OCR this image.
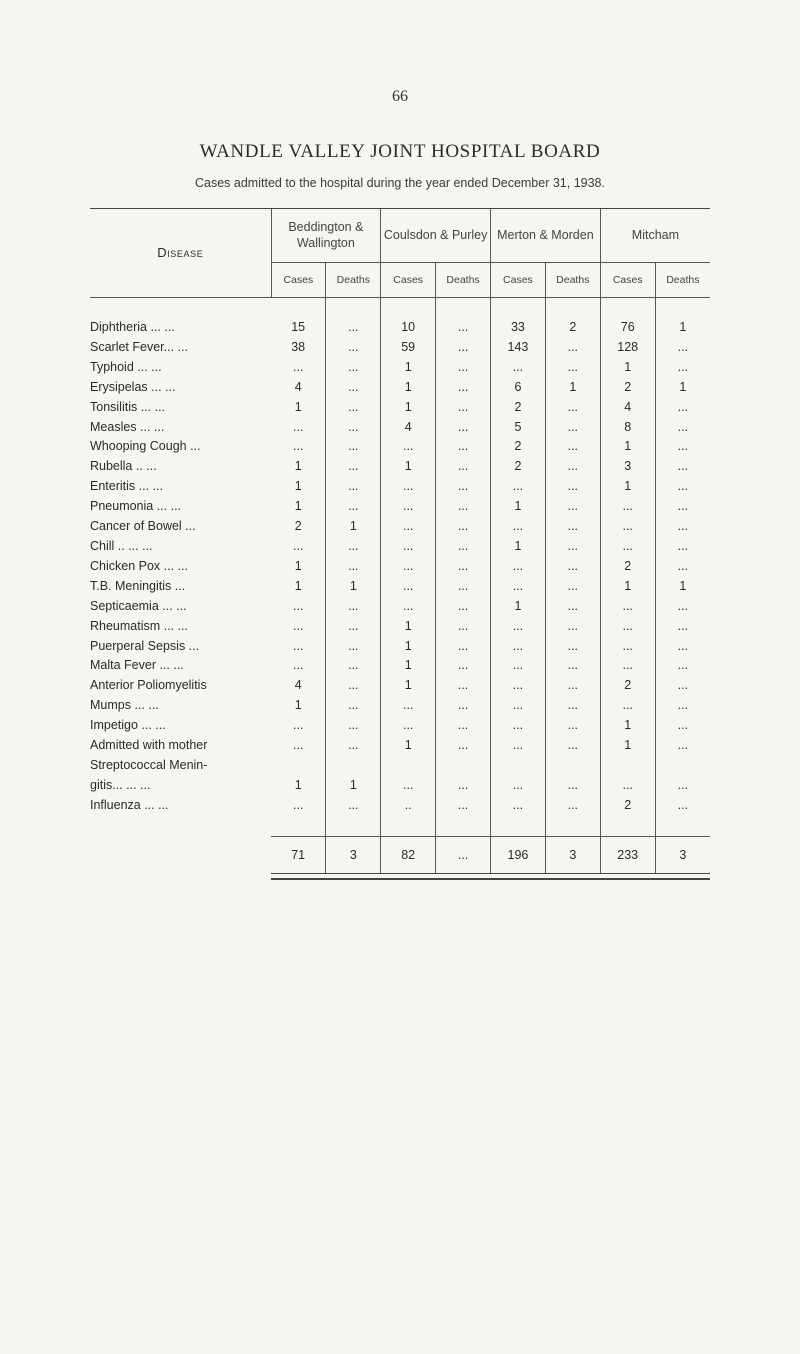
66
WANDLE VALLEY JOINT HOSPITAL BOARD
Cases admitted to the hospital during the year ended December 31, 1938.
Disease	Beddington & Wallington		Coulsdon & Purley		Merton & Morden		Mitcham	
	Cases	Deaths	Cases	Deaths	Cases	Deaths	Cases	Deaths

Diphtheria ... ...	15	...	10	...	33	2	76	1
Scarlet Fever... ...	38	...	59	...	143	...	128	...
Typhoid ... ...	...	...	1	...	...	...	1	...
Erysipelas ... ...	4	...	1	...	6	1	2	1
Tonsilitis ... ...	1	...	1	...	2	...	4	...
Measles ... ...	...	...	4	...	5	...	8	...
Whooping Cough ...	...	...	...	...	2	...	1	...
Rubella .. ...	1	...	1	...	2	...	3	...
Enteritis ... ...	1	...	...	...	...	...	1	...
Pneumonia ... ...	1	...	...	...	1	...	...	...
Cancer of Bowel ...	2	1	...	...	...	...	...	...
Chill .. ... ...	...	...	...	...	1	...	...	...
Chicken Pox ... ...	1	...	...	...	...	...	2	...
T.B. Meningitis ...	1	1	...	...	...	...	1	1
Septicaemia ... ...	...	...	...	...	1	...	...	...
Rheumatism ... ...	...	...	1	...	...	...	...	...
Puerperal Sepsis ...	...	...	1	...	...	...	...	...
Malta Fever ... ...	...	...	1	...	...	...	...	...
Anterior Poliomyelitis	4	...	1	...	...	...	2	...
Mumps ... ...	1	...	...	...	...	...	...	...
Impetigo ... ...	...	...	...	...	...	...	1	...
Admitted with mother	...	...	1	...	...	...	1	...
Streptococcal Menin-								
gitis... ... ...	1	1	...	...	...	...	...	...
Influenza ... ...	...	...	..	...	...	...	2	...

	71	3	82	...	196	3	233	3
